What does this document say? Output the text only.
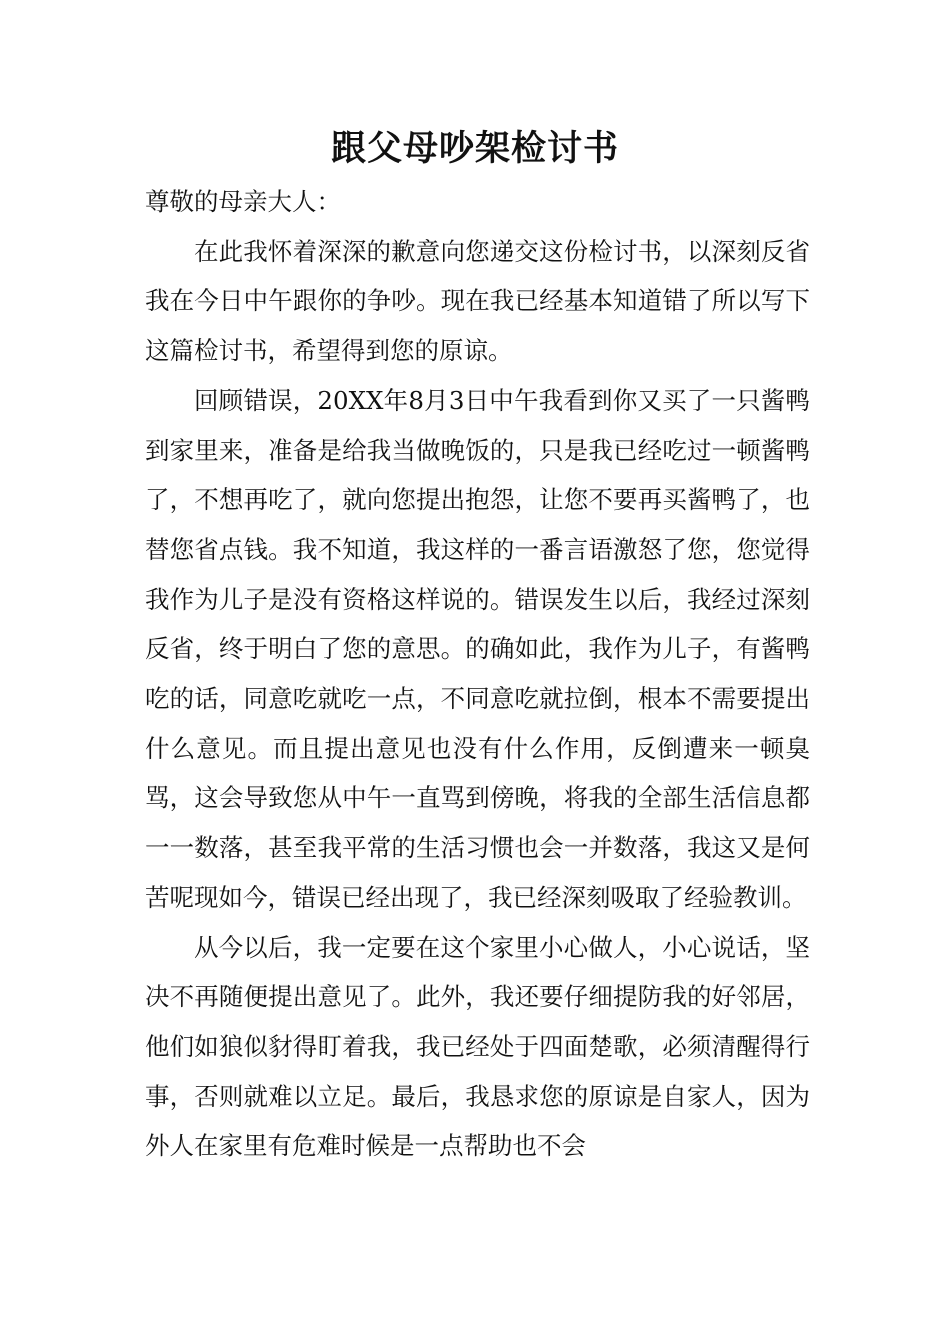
跟父母吵架检讨书

尊敬的母亲大人：

在此我怀着深深的歉意向您递交这份检讨书，以深刻反省我在今日中午跟你的争吵。现在我已经基本知道错了所以写下这篇检讨书，希望得到您的原谅。

回顾错误，20XX年8月3日中午我看到你又买了一只酱鸭到家里来，准备是给我当做晚饭的，只是我已经吃过一顿酱鸭了，不想再吃了，就向您提出抱怨，让您不要再买酱鸭了，也替您省点钱。我不知道，我这样的一番言语激怒了您，您觉得我作为儿子是没有资格这样说的。错误发生以后，我经过深刻反省，终于明白了您的意思。的确如此，我作为儿子，有酱鸭吃的话，同意吃就吃一点，不同意吃就拉倒，根本不需要提出什么意见。而且提出意见也没有什么作用，反倒遭来一顿臭骂，这会导致您从中午一直骂到傍晚，将我的全部生活信息都一一数落，甚至我平常的生活习惯也会一并数落，我这又是何苦呢现如今，错误已经出现了，我已经深刻吸取了经验教训。

从今以后，我一定要在这个家里小心做人，小心说话，坚决不再随便提出意见了。此外，我还要仔细提防我的好邻居，他们如狼似豺得盯着我，我已经处于四面楚歌，必须清醒得行事，否则就难以立足。最后，我恳求您的原谅是自家人，因为外人在家里有危难时候是一点帮助也不会
